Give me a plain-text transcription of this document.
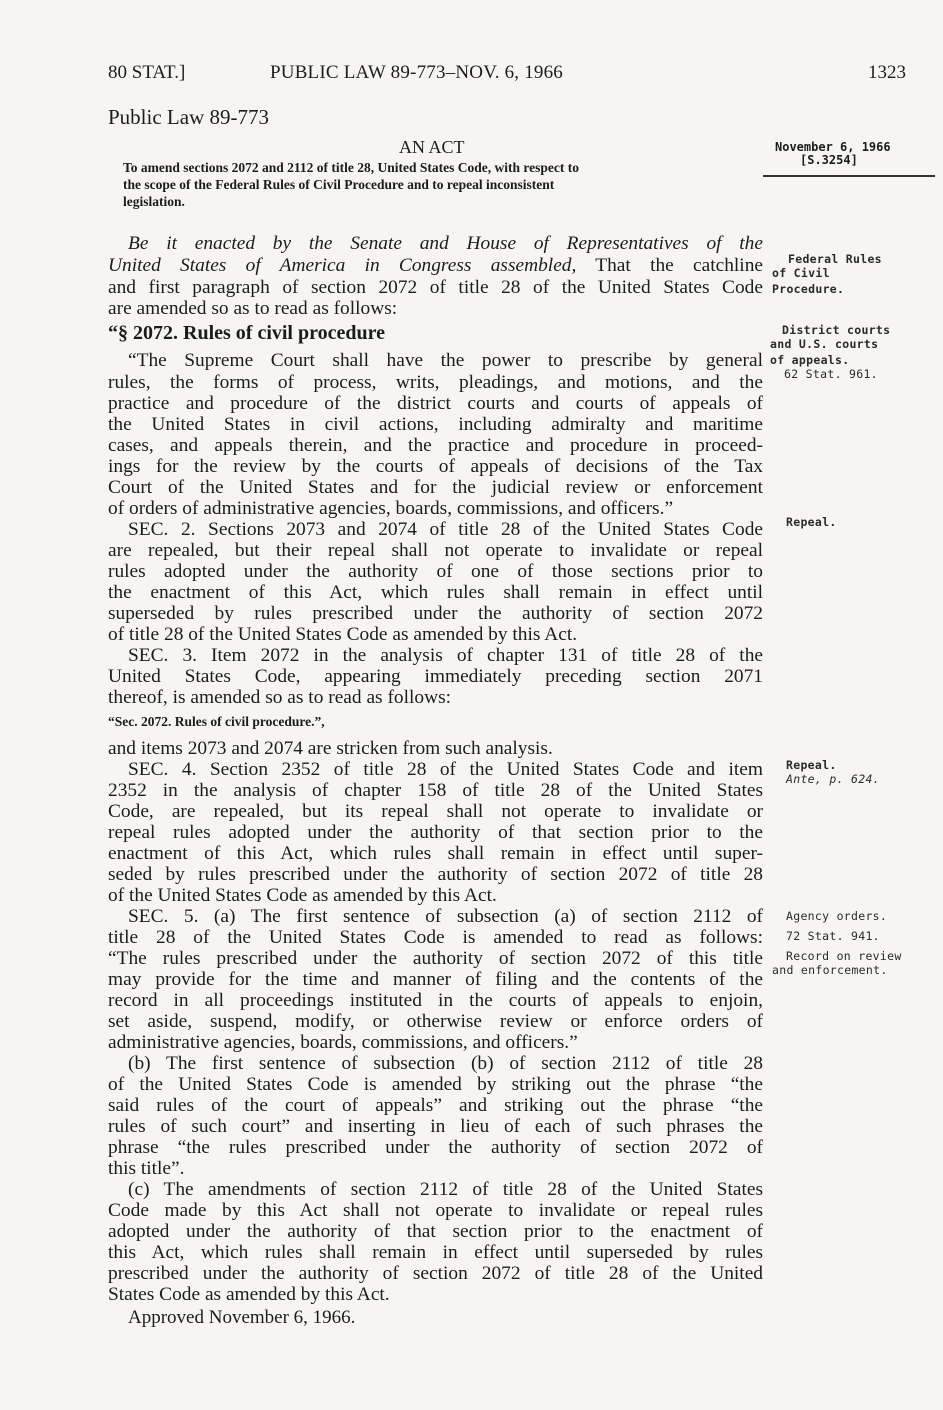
80 STAT.]	PUBLIC LAW 89-773–NOV. 6, 1966	1323
Public Law 89-773
AN ACT	November 6, 1966
[S.3254]
To amend sections 2072 and 2112 of title 28, United States Code, with respect to
the scope of the Federal Rules of Civil Procedure and to repeal inconsistent
legislation.
Be it enacted by the Senate and House of Representatives of the
United States of America in Congress assembled, That the catchline
and first paragraph of section 2072 of title 28 of the United States Code
are amended so as to read as follows:
“§ 2072. Rules of civil procedure
“The Supreme Court shall have the power to prescribe by general
rules, the forms of process, writs, pleadings, and motions, and the
practice and procedure of the district courts and courts of appeals of
the United States in civil actions, including admiralty and maritime
cases, and appeals therein, and the practice and procedure in proceed-
ings for the review by the courts of appeals of decisions of the Tax
Court of the United States and for the judicial review or enforcement
of orders of administrative agencies, boards, commissions, and officers.”
SEC. 2. Sections 2073 and 2074 of title 28 of the United States Code
are repealed, but their repeal shall not operate to invalidate or repeal
rules adopted under the authority of one of those sections prior to
the enactment of this Act, which rules shall remain in effect until
superseded by rules prescribed under the authority of section 2072
of title 28 of the United States Code as amended by this Act.
SEC. 3. Item 2072 in the analysis of chapter 131 of title 28 of the
United States Code, appearing immediately preceding section 2071
thereof, is amended so as to read as follows:
“Sec. 2072. Rules of civil procedure.”,
and items 2073 and 2074 are stricken from such analysis.
SEC. 4. Section 2352 of title 28 of the United States Code and item
2352 in the analysis of chapter 158 of title 28 of the United States
Code, are repealed, but its repeal shall not operate to invalidate or
repeal rules adopted under the authority of that section prior to the
enactment of this Act, which rules shall remain in effect until super-
seded by rules prescribed under the authority of section 2072 of title 28
of the United States Code as amended by this Act.
SEC. 5. (a) The first sentence of subsection (a) of section 2112 of
title 28 of the United States Code is amended to read as follows:
“The rules prescribed under the authority of section 2072 of this title
may provide for the time and manner of filing and the contents of the
record in all proceedings instituted in the courts of appeals to enjoin,
set aside, suspend, modify, or otherwise review or enforce orders of
administrative agencies, boards, commissions, and officers.”
(b) The first sentence of subsection (b) of section 2112 of title 28
of the United States Code is amended by striking out the phrase “the
said rules of the court of appeals” and striking out the phrase “the
rules of such court” and inserting in lieu of each of such phrases the
phrase “the rules prescribed under the authority of section 2072 of
this title”.
(c) The amendments of section 2112 of title 28 of the United States
Code made by this Act shall not operate to invalidate or repeal rules
adopted under the authority of that section prior to the enactment of
this Act, which rules shall remain in effect until superseded by rules
prescribed under the authority of section 2072 of title 28 of the United
States Code as amended by this Act.
Approved November 6, 1966.
Federal Rules
of Civil
Procedure.
District courts
and U.S. courts
of appeals.
62 Stat. 961.
Repeal.
Repeal.
Ante, p. 624.
Agency orders.
72 Stat. 941.
Record on review
and enforcement.
